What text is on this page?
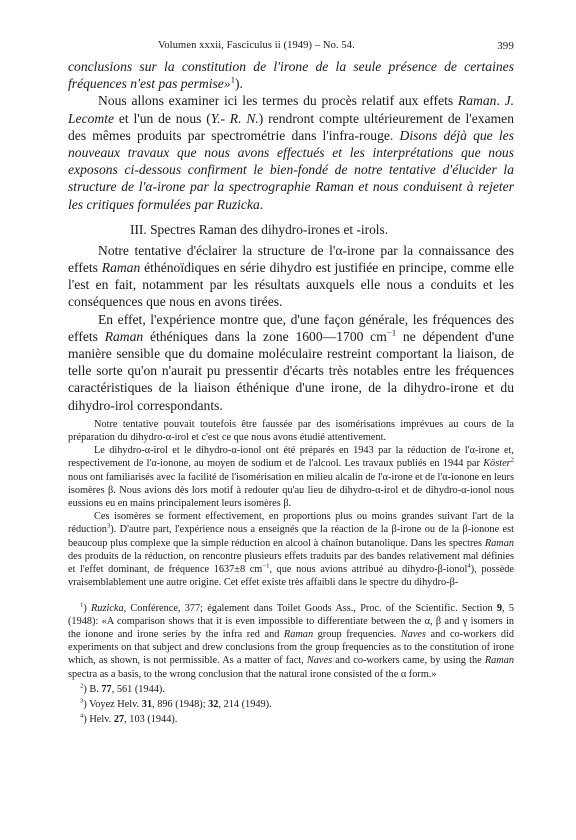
Volumen xxxii, Fasciculus ii (1949) – No. 54.	399

conclusions sur la constitution de l'irone de la seule présence de certaines fréquences n'est pas permise»$^1$).

Nous allons examiner ici les termes du procès relatif aux effets Raman. J. Lecomte et l'un de nous (Y.- R. N.) rendront compte ultérieurement de l'examen des mêmes produits par spectrométrie dans l'infra-rouge. Disons déjà que les nouveaux travaux que nous avons effectués et les interprétations que nous exposons ci-dessous confirment le bien-fondé de notre tentative d'élucider la structure de l'α-irone par la spectrographie Raman et nous conduisent à rejeter les critiques formulées par Ruzicka.

III. Spectres Raman des dihydro-irones et -irols.

Notre tentative d'éclairer la structure de l'α-irone par la connaissance des effets Raman éthénoïdiques en série dihydro est justifiée en principe, comme elle l'est en fait, notamment par les résultats auxquels elle nous a conduits et les conséquences que nous en avons tirées.

En effet, l'expérience montre que, d'une façon générale, les fréquences des effets Raman éthéniques dans la zone 1600—1700 $cm^{-1}$ ne dépendent d'une manière sensible que du domaine moléculaire restreint comportant la liaison, de telle sorte qu'on n'aurait pu pressentir d'écarts très notables entre les fréquences caractéristiques de la liaison éthénique d'une irone, de la dihydro-irone et du dihydro-irol correspondants.

Notre tentative pouvait toutefois être faussée par des isomérisations imprévues au cours de la préparation du dihydro-α-irol et c'est ce que nous avons étudié attentivement.

Le dihydro-α-irol et le dihydro-α-ionol ont été préparés en 1943 par la réduction de l'α-irone et, respectivement de l'α-ionone, au moyen de sodium et de l'alcool. Les travaux publiés en 1944 par Köster$^2$ nous ont familiarisés avec la facilité de l'isomérisation en milieu alcalin de l'α-irone et de l'α-ionone en leurs isomères β. Nous avions dès lors motif à redouter qu'au lieu de dihydro-α-irol et de dihydro-α-ionol nous eussions eu en mains principalement leurs isomères β.

Ces isomères se forment effectivement, en proportions plus ou moins grandes suivant l'art de la réduction$^3$). D'autre part, l'expérience nous a enseignés que la réaction de la β-irone ou de la β-ionone est beaucoup plus complexe que la simple réduction en alcool à chaînon butanolique. Dans les spectres Raman des produits de la réduction, on rencontre plusieurs effets traduits par des bandes relativement mal définies et l'effet dominant, de fréquence 1637±8 $cm^{-1}$, que nous avions attribué au dihydro-β-ionol$^4$), possède vraisemblablement une autre origine. Cet effet existe très affaibli dans le spectre du dihydro-β-

$^1$) Ruzicka, Conférence, 377; également dans Toilet Goods Ass., Proc. of the Scientific. Section 9, 5 (1948): «A comparison shows that it is even impossible to differentiate between the α, β and γ isomers in the ionone and irone series by the infra red and Raman group frequencies. Naves and co-workers did experiments on that subject and drew conclusions from the group frequencies as to the constitution of irone which, as shown, is not permissible. As a matter of fact, Naves and co-workers came, by using the Raman spectra as a basis, to the wrong conclusion that the natural irone consisted of the α form.»

$^2$) B. 77, 561 (1944).

$^3$) Voyez Helv. 31, 896 (1948); 32, 214 (1949).

$^4$) Helv. 27, 103 (1944).
